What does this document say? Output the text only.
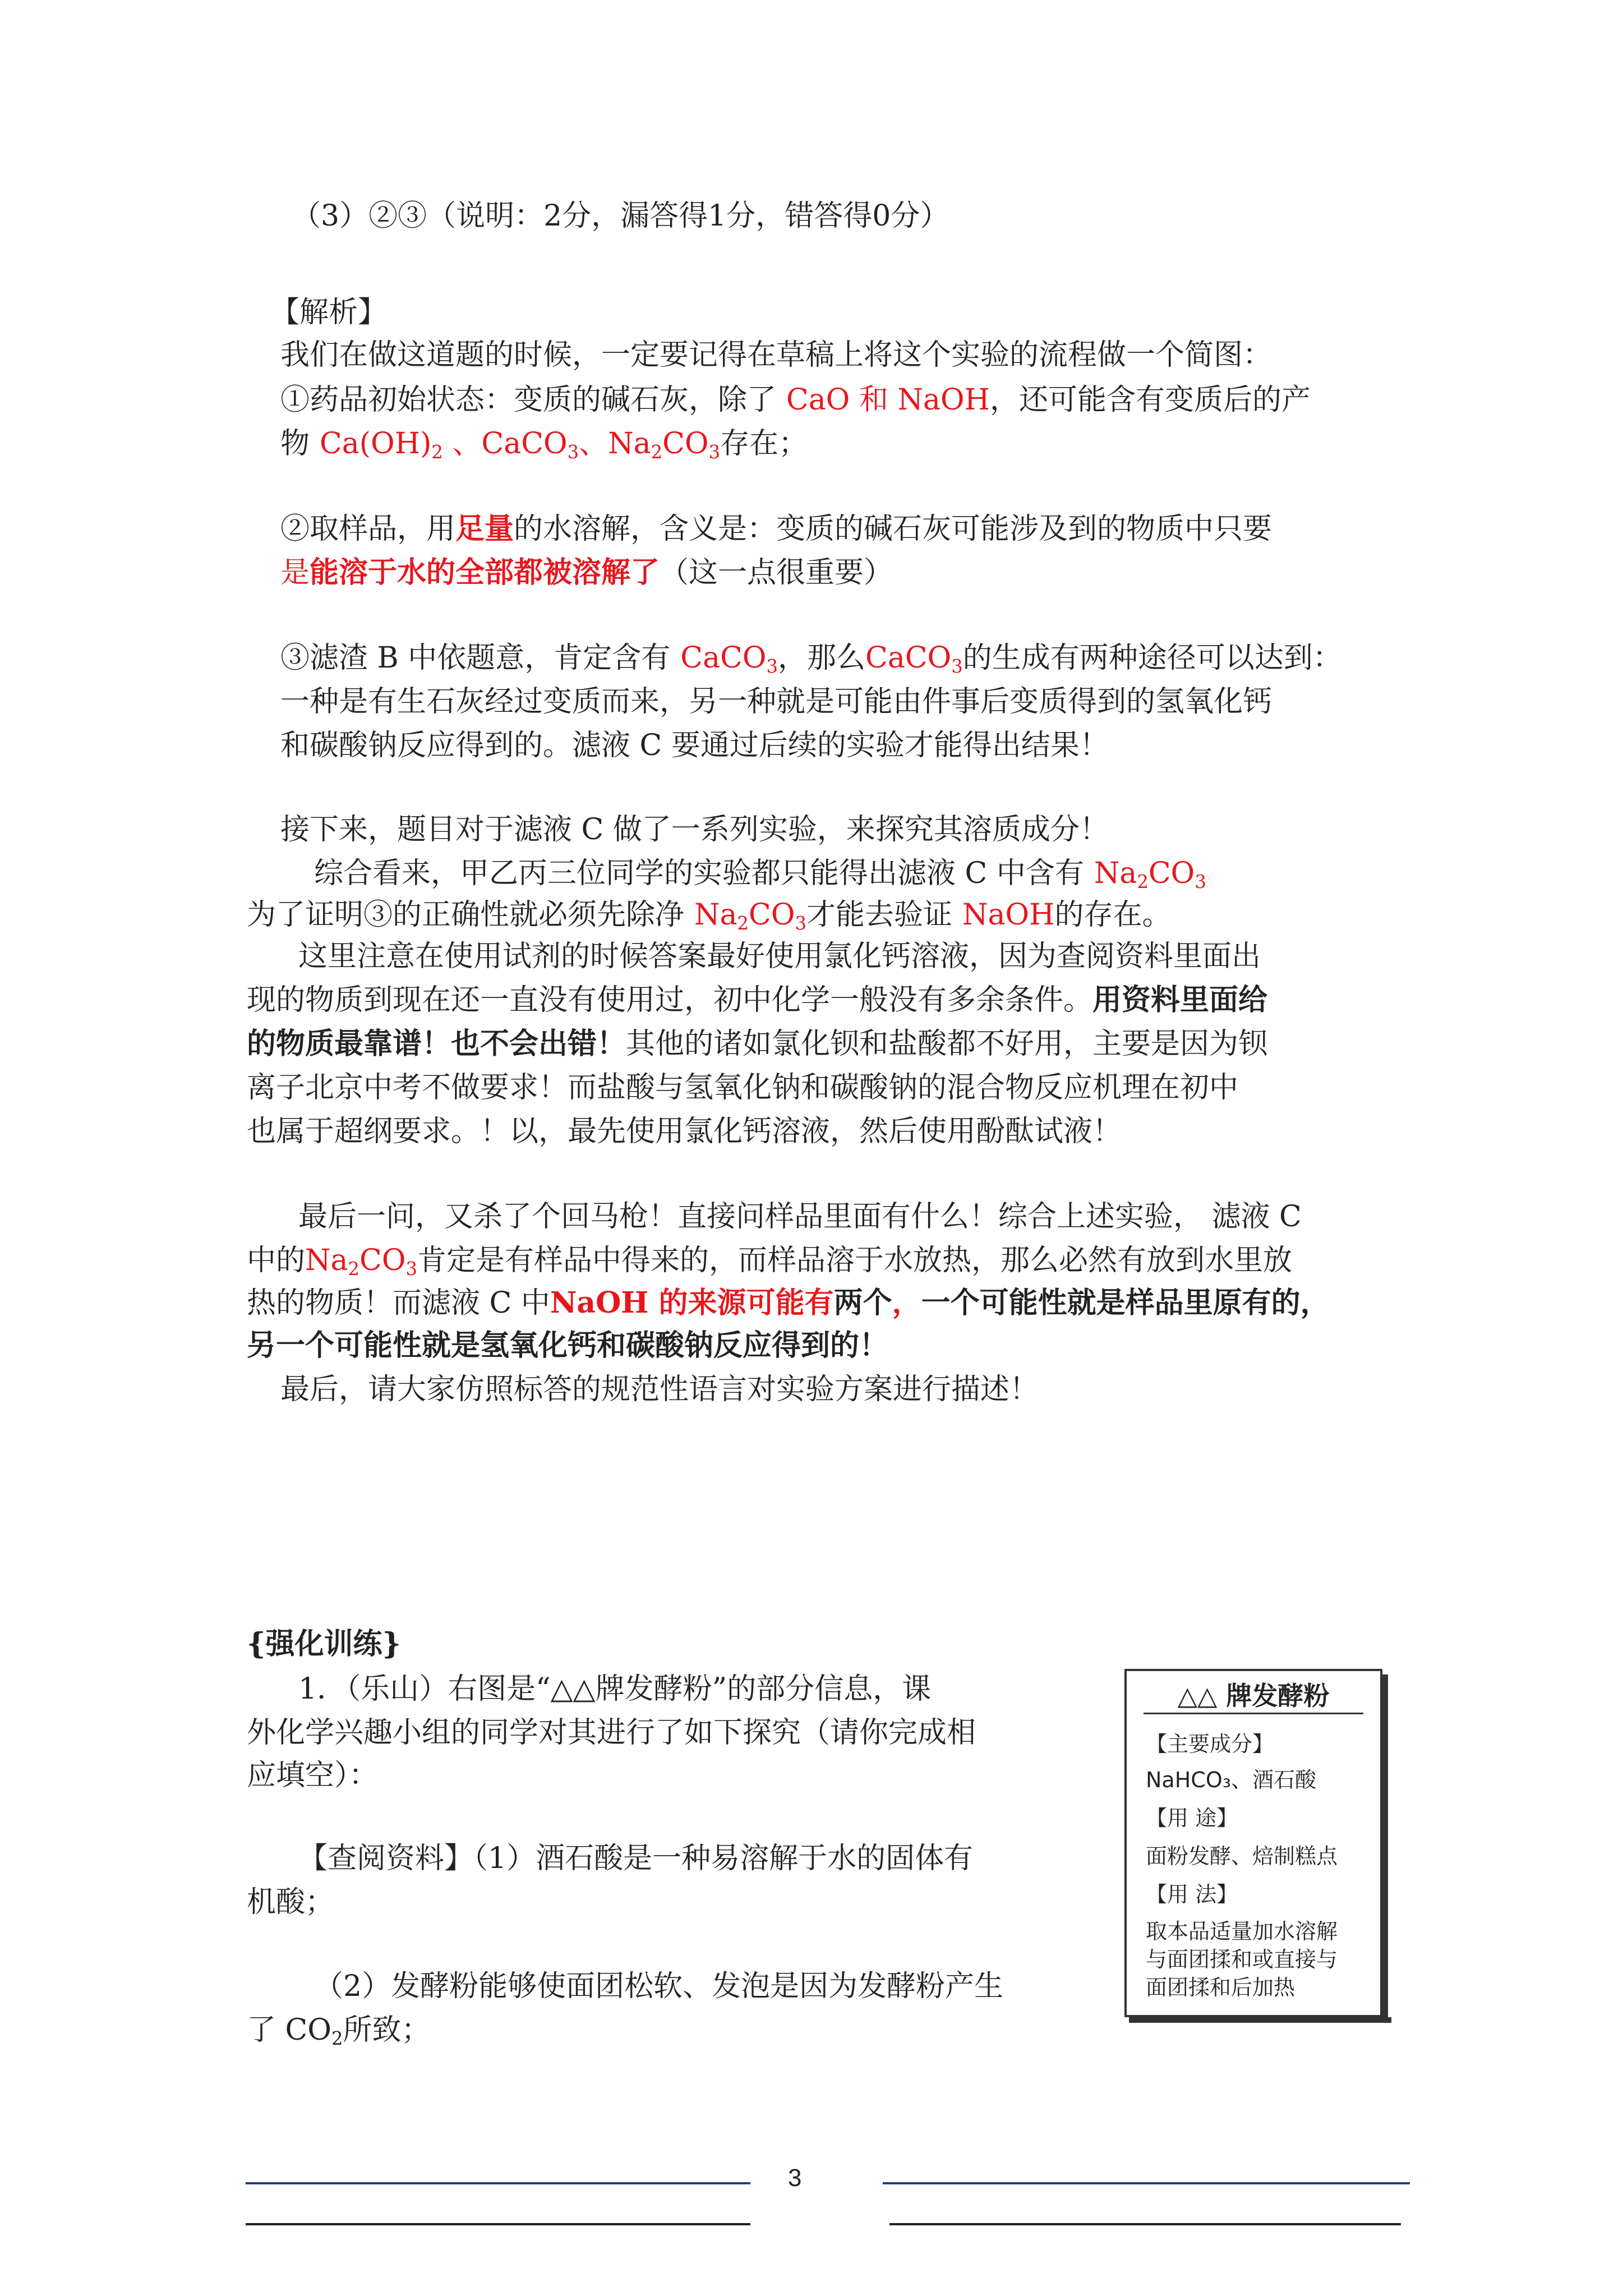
（3）②③（说明：2分，漏答得1分，错答得0分）
【解析】
我们在做这道题的时候，一定要记得在草稿上将这个实验的流程做一个简图：
①药品初始状态：变质的碱石灰，除了 CaO 和 NaOH，还可能含有变质后的产
物 $Ca(OH)_2$ 、CaCO$_3$、$Na_2CO_3$存在；
②取样品，用足量的水溶解，含义是：变质的碱石灰可能涉及到的物质中只要
是能溶于水的全部都被溶解了（这一点很重要）
③滤渣 B 中依题意，肯定含有 CaCO$_3$，那么CaCO$_3$的生成有两种途径可以达到：
一种是有生石灰经过变质而来，另一种就是可能由件事后变质得到的氢氧化钙
和碳酸钠反应得到的。滤液 C 要通过后续的实验才能得出结果！
接下来，题目对于滤液 C 做了一系列实验，来探究其溶质成分！
综合看来，甲乙丙三位同学的实验都只能得出滤液 C 中含有 $Na_2CO_3$
为了证明③的正确性就必须先除净 $Na_2CO_3$才能去验证 NaOH的存在。
这里注意在使用试剂的时候答案最好使用氯化钙溶液，因为查阅资料里面出
现的物质到现在还一直没有使用过，初中化学一般没有多余条件。用资料里面给
的物质最靠谱！也不会出错！其他的诸如氯化钡和盐酸都不好用，主要是因为钡
离子北京中考不做要求！而盐酸与氢氧化钠和碳酸钠的混合物反应机理在初中
也属于超纲要求。！以，最先使用氯化钙溶液，然后使用酚酞试液！
最后一问，又杀了个回马枪！直接问样品里面有什么！综合上述实验， 滤液 C
中的$Na_2CO_3$肯定是有样品中得来的，而样品溶于水放热，那么必然有放到水里放
热的物质！而滤液 C 中NaOH 的来源可能有两个，一个可能性就是样品里原有的，
另一个可能性就是氢氧化钙和碳酸钠反应得到的！
最后，请大家仿照标答的规范性语言对实验方案进行描述！
{强化训练}
1．（乐山）右图是“△△牌发酵粉”的部分信息，课
外化学兴趣小组的同学对其进行了如下探究（请你完成相
应填空）：
【查阅资料】（1）酒石酸是一种易溶解于水的固体有
机酸；
（2）发酵粉能够使面团松软、发泡是因为发酵粉产生
了 $CO_2$所致；
△△ 牌发酵粉
【主要成分】
NaHCO₃、酒石酸
【用 途】
面粉发酵、焙制糕点
【用 法】
取本品适量加水溶解
与面团揉和或直接与
面团揉和后加热
3
